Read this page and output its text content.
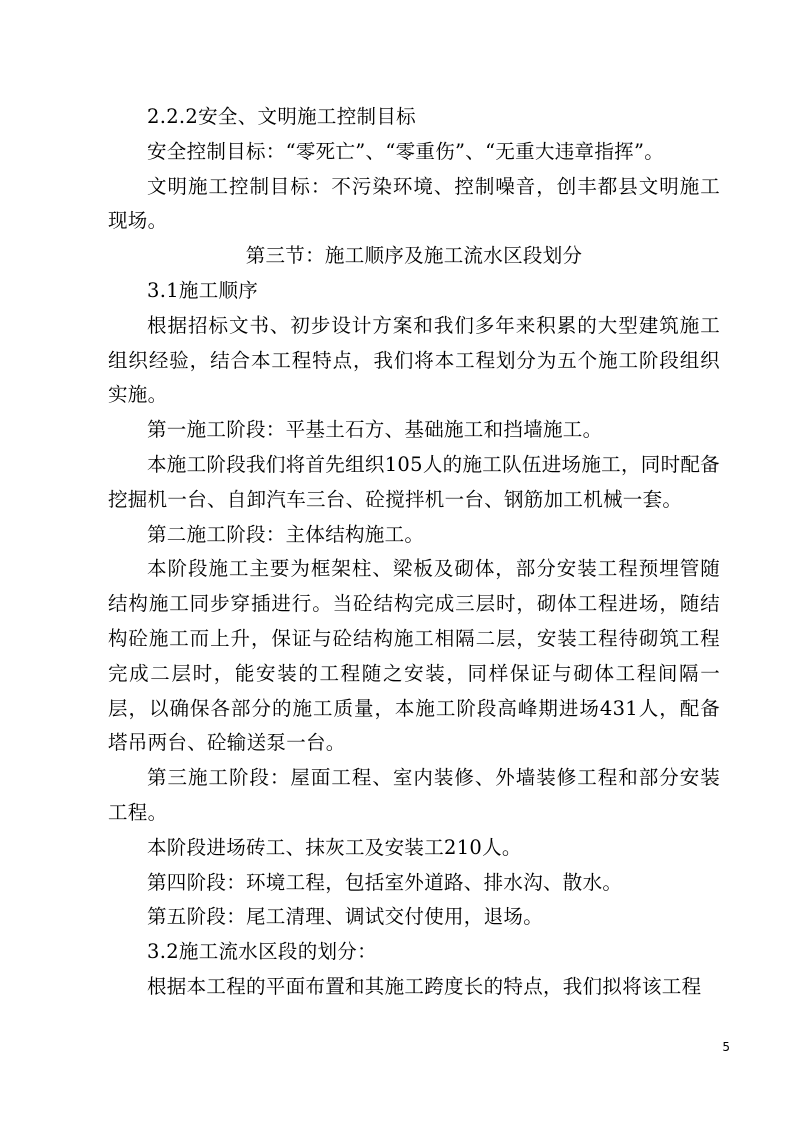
2.2.2安全、文明施工控制目标

安全控制目标：“零死亡”、“零重伤”、“无重大违章指挥”。

文明施工控制目标：不污染环境、控制噪音，创丰都县文明施工现场。

第三节：施工顺序及施工流水区段划分

3.1施工顺序

根据招标文书、初步设计方案和我们多年来积累的大型建筑施工组织经验，结合本工程特点，我们将本工程划分为五个施工阶段组织实施。

第一施工阶段：平基土石方、基础施工和挡墙施工。

本施工阶段我们将首先组织105人的施工队伍进场施工，同时配备挖掘机一台、自卸汽车三台、砼搅拌机一台、钢筋加工机械一套。

第二施工阶段：主体结构施工。

本阶段施工主要为框架柱、梁板及砌体，部分安装工程预埋管随结构施工同步穿插进行。当砼结构完成三层时，砌体工程进场，随结构砼施工而上升，保证与砼结构施工相隔二层，安装工程待砌筑工程完成二层时，能安装的工程随之安装，同样保证与砌体工程间隔一层，以确保各部分的施工质量，本施工阶段高峰期进场431人，配备塔吊两台、砼输送泵一台。

第三施工阶段：屋面工程、室内装修、外墙装修工程和部分安装工程。

本阶段进场砖工、抹灰工及安装工210人。

第四阶段：环境工程，包括室外道路、排水沟、散水。

第五阶段：尾工清理、调试交付使用，退场。

3.2施工流水区段的划分：

根据本工程的平面布置和其施工跨度长的特点，我们拟将该工程

5
